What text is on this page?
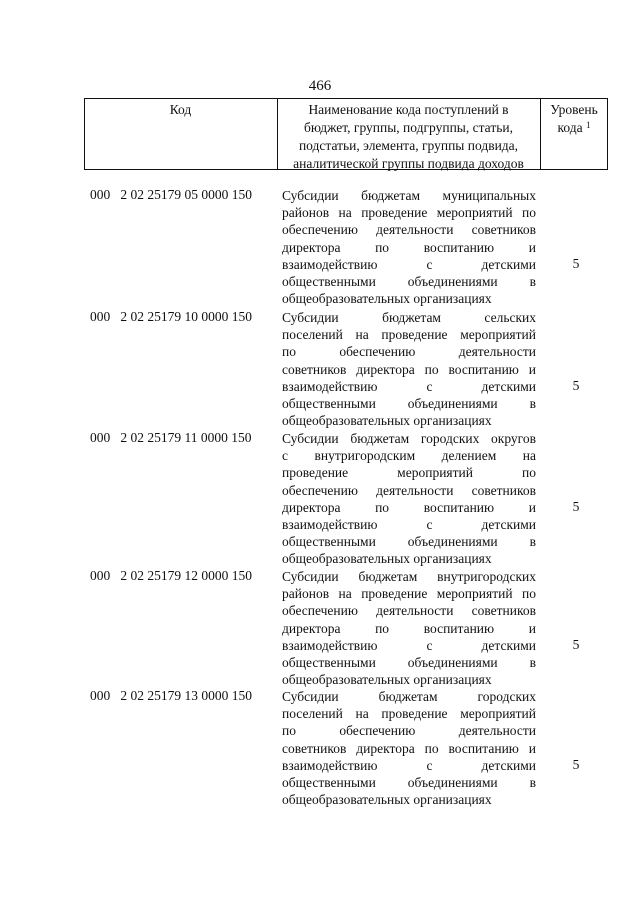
466
Код	Наименование кода поступлений в
бюджет, группы, подгруппы, статьи,
подстатьи, элемента, группы подвида,
аналитической группы подвида доходов
Уровень
кода $^1$
000   2 02 25179 05 0000 150 Субсидии бюджетам муниципальных
районов на проведение мероприятий по
обеспечению деятельности советников
директора по воспитанию и
взаимодействию с детскими
общественными объединениями в
общеобразовательных организациях
5
000   2 02 25179 10 0000 150 Субсидии бюджетам сельских
поселений на проведение мероприятий
по обеспечению деятельности
советников директора по воспитанию и
взаимодействию с детскими
общественными объединениями в
общеобразовательных организациях
5
000   2 02 25179 11 0000 150 Субсидии бюджетам городских округов
с внутригородским делением на
проведение мероприятий по
обеспечению деятельности советников
директора по воспитанию и
взаимодействию с детскими
общественными объединениями в
общеобразовательных организациях
5
000   2 02 25179 12 0000 150 Субсидии бюджетам внутригородских
районов на проведение мероприятий по
обеспечению деятельности советников
директора по воспитанию и
взаимодействию с детскими
общественными объединениями в
общеобразовательных организациях
5
000   2 02 25179 13 0000 150 Субсидии бюджетам городских
поселений на проведение мероприятий
по обеспечению деятельности
советников директора по воспитанию и
взаимодействию с детскими
общественными объединениями в
общеобразовательных организациях
5
